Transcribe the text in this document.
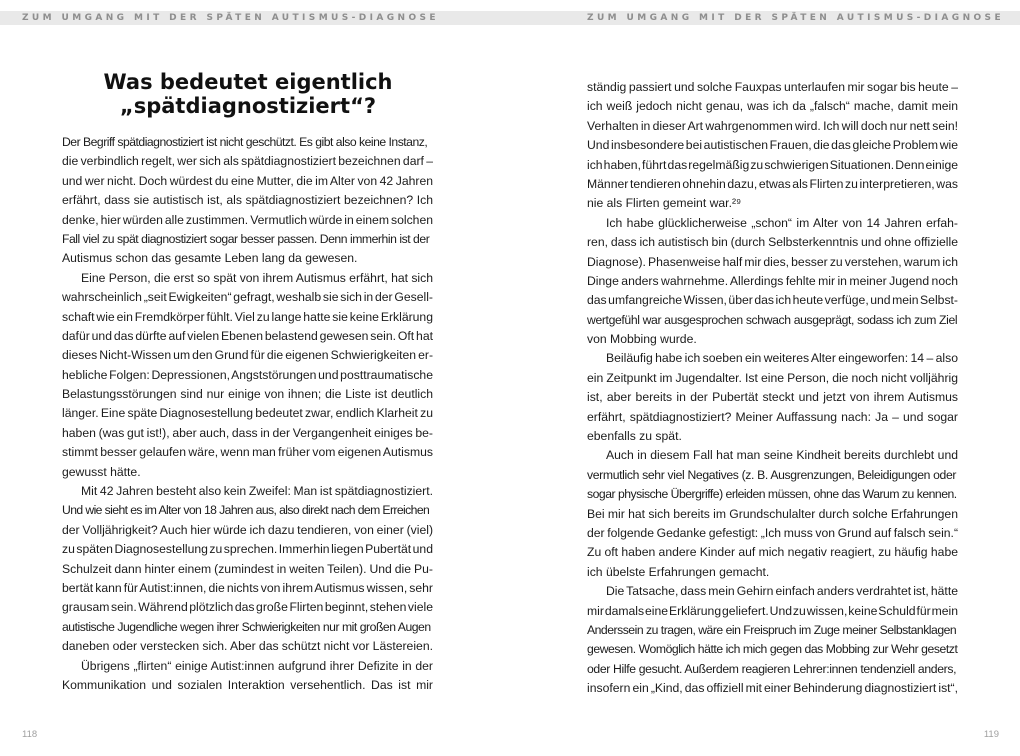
ZUM UMGANG MIT DER SPÄTEN AUTISMUS-DIAGNOSE
Was bedeutet eigentlich
„spätdiagnostiziert“?
Der Begriff spätdiagnostiziert ist nicht geschützt. Es gibt also keine Instanz,
die verbindlich regelt, wer sich als spätdiagnostiziert bezeichnen darf –
und wer nicht. Doch würdest du eine Mutter, die im Alter von 42 Jahren
erfährt, dass sie autistisch ist, als spätdiagnostiziert bezeichnen? Ich
denke, hier würden alle zustimmen. Vermutlich würde in einem solchen
Fall viel zu spät diagnostiziert sogar besser passen. Denn immerhin ist der
Autismus schon das gesamte Leben lang da gewesen.
Eine Person, die erst so spät von ihrem Autismus erfährt, hat sich
wahrscheinlich „seit Ewigkeiten“ gefragt, weshalb sie sich in der Gesell-
schaft wie ein Fremdkörper fühlt. Viel zu lange hatte sie keine Erklärung
dafür und das dürfte auf vielen Ebenen belastend gewesen sein. Oft hat
dieses Nicht-Wissen um den Grund für die eigenen Schwierigkeiten er-
hebliche Folgen: Depressionen, Angststörungen und posttraumatische
Belastungsstörungen sind nur einige von ihnen; die Liste ist deutlich
länger. Eine späte Diagnosestellung bedeutet zwar, endlich Klarheit zu
haben (was gut ist!), aber auch, dass in der Vergangenheit einiges be-
stimmt besser gelaufen wäre, wenn man früher vom eigenen Autismus
gewusst hätte.
Mit 42 Jahren besteht also kein Zweifel: Man ist spätdiagnostiziert.
Und wie sieht es im Alter von 18 Jahren aus, also direkt nach dem Erreichen
der Volljährigkeit? Auch hier würde ich dazu tendieren, von einer (viel)
zu späten Diagnosestellung zu sprechen. Immerhin liegen Pubertät und
Schulzeit dann hinter einem (zumindest in weiten Teilen). Und die Pu-
bertät kann für Autist:innen, die nichts von ihrem Autismus wissen, sehr
grausam sein. Während plötzlich das große Flirten beginnt, stehen viele
autistische Jugendliche wegen ihrer Schwierigkeiten nur mit großen Augen
daneben oder verstecken sich. Aber das schützt nicht vor Lästereien.
Übrigens „flirten“ einige Autist:innen aufgrund ihrer Defizite in der
Kommunikation und sozialen Interaktion versehentlich. Das ist mir
118
ZUM UMGANG MIT DER SPÄTEN AUTISMUS-DIAGNOSE
ständig passiert und solche Fauxpas unterlaufen mir sogar bis heute –
ich weiß jedoch nicht genau, was ich da „falsch“ mache, damit mein
Verhalten in dieser Art wahrgenommen wird. Ich will doch nur nett sein!
Und insbesondere bei autistischen Frauen, die das gleiche Problem wie
ich haben, führt das regelmäßig zu schwierigen Situationen. Denn einige
Männer tendieren ohnehin dazu, etwas als Flirten zu interpretieren, was
nie als Flirten gemeint war.²⁹
Ich habe glücklicherweise „schon“ im Alter von 14 Jahren erfah-
ren, dass ich autistisch bin (durch Selbsterkenntnis und ohne offizielle
Diagnose). Phasenweise half mir dies, besser zu verstehen, warum ich
Dinge anders wahrnehme. Allerdings fehlte mir in meiner Jugend noch
das umfangreiche Wissen, über das ich heute verfüge, und mein Selbst-
wertgefühl war ausgesprochen schwach ausgeprägt, sodass ich zum Ziel
von Mobbing wurde.
Beiläufig habe ich soeben ein weiteres Alter eingeworfen: 14 – also
ein Zeitpunkt im Jugendalter. Ist eine Person, die noch nicht volljährig
ist, aber bereits in der Pubertät steckt und jetzt von ihrem Autismus
erfährt, spätdiagnostiziert? Meiner Auffassung nach: Ja – und sogar
ebenfalls zu spät.
Auch in diesem Fall hat man seine Kindheit bereits durchlebt und
vermutlich sehr viel Negatives (z. B. Ausgrenzungen, Beleidigungen oder
sogar physische Übergriffe) erleiden müssen, ohne das Warum zu kennen.
Bei mir hat sich bereits im Grundschulalter durch solche Erfahrungen
der folgende Gedanke gefestigt: „Ich muss von Grund auf falsch sein.“
Zu oft haben andere Kinder auf mich negativ reagiert, zu häufig habe
ich übelste Erfahrungen gemacht.
Die Tatsache, dass mein Gehirn einfach anders verdrahtet ist, hätte
mir damals eine Erklärung geliefert. Und zu wissen, keine Schuld für mein
Anderssein zu tragen, wäre ein Freispruch im Zuge meiner Selbstanklagen
gewesen. Womöglich hätte ich mich gegen das Mobbing zur Wehr gesetzt
oder Hilfe gesucht. Außerdem reagieren Lehrer:innen tendenziell anders,
insofern ein „Kind, das offiziell mit einer Behinderung diagnostiziert ist“,
119
